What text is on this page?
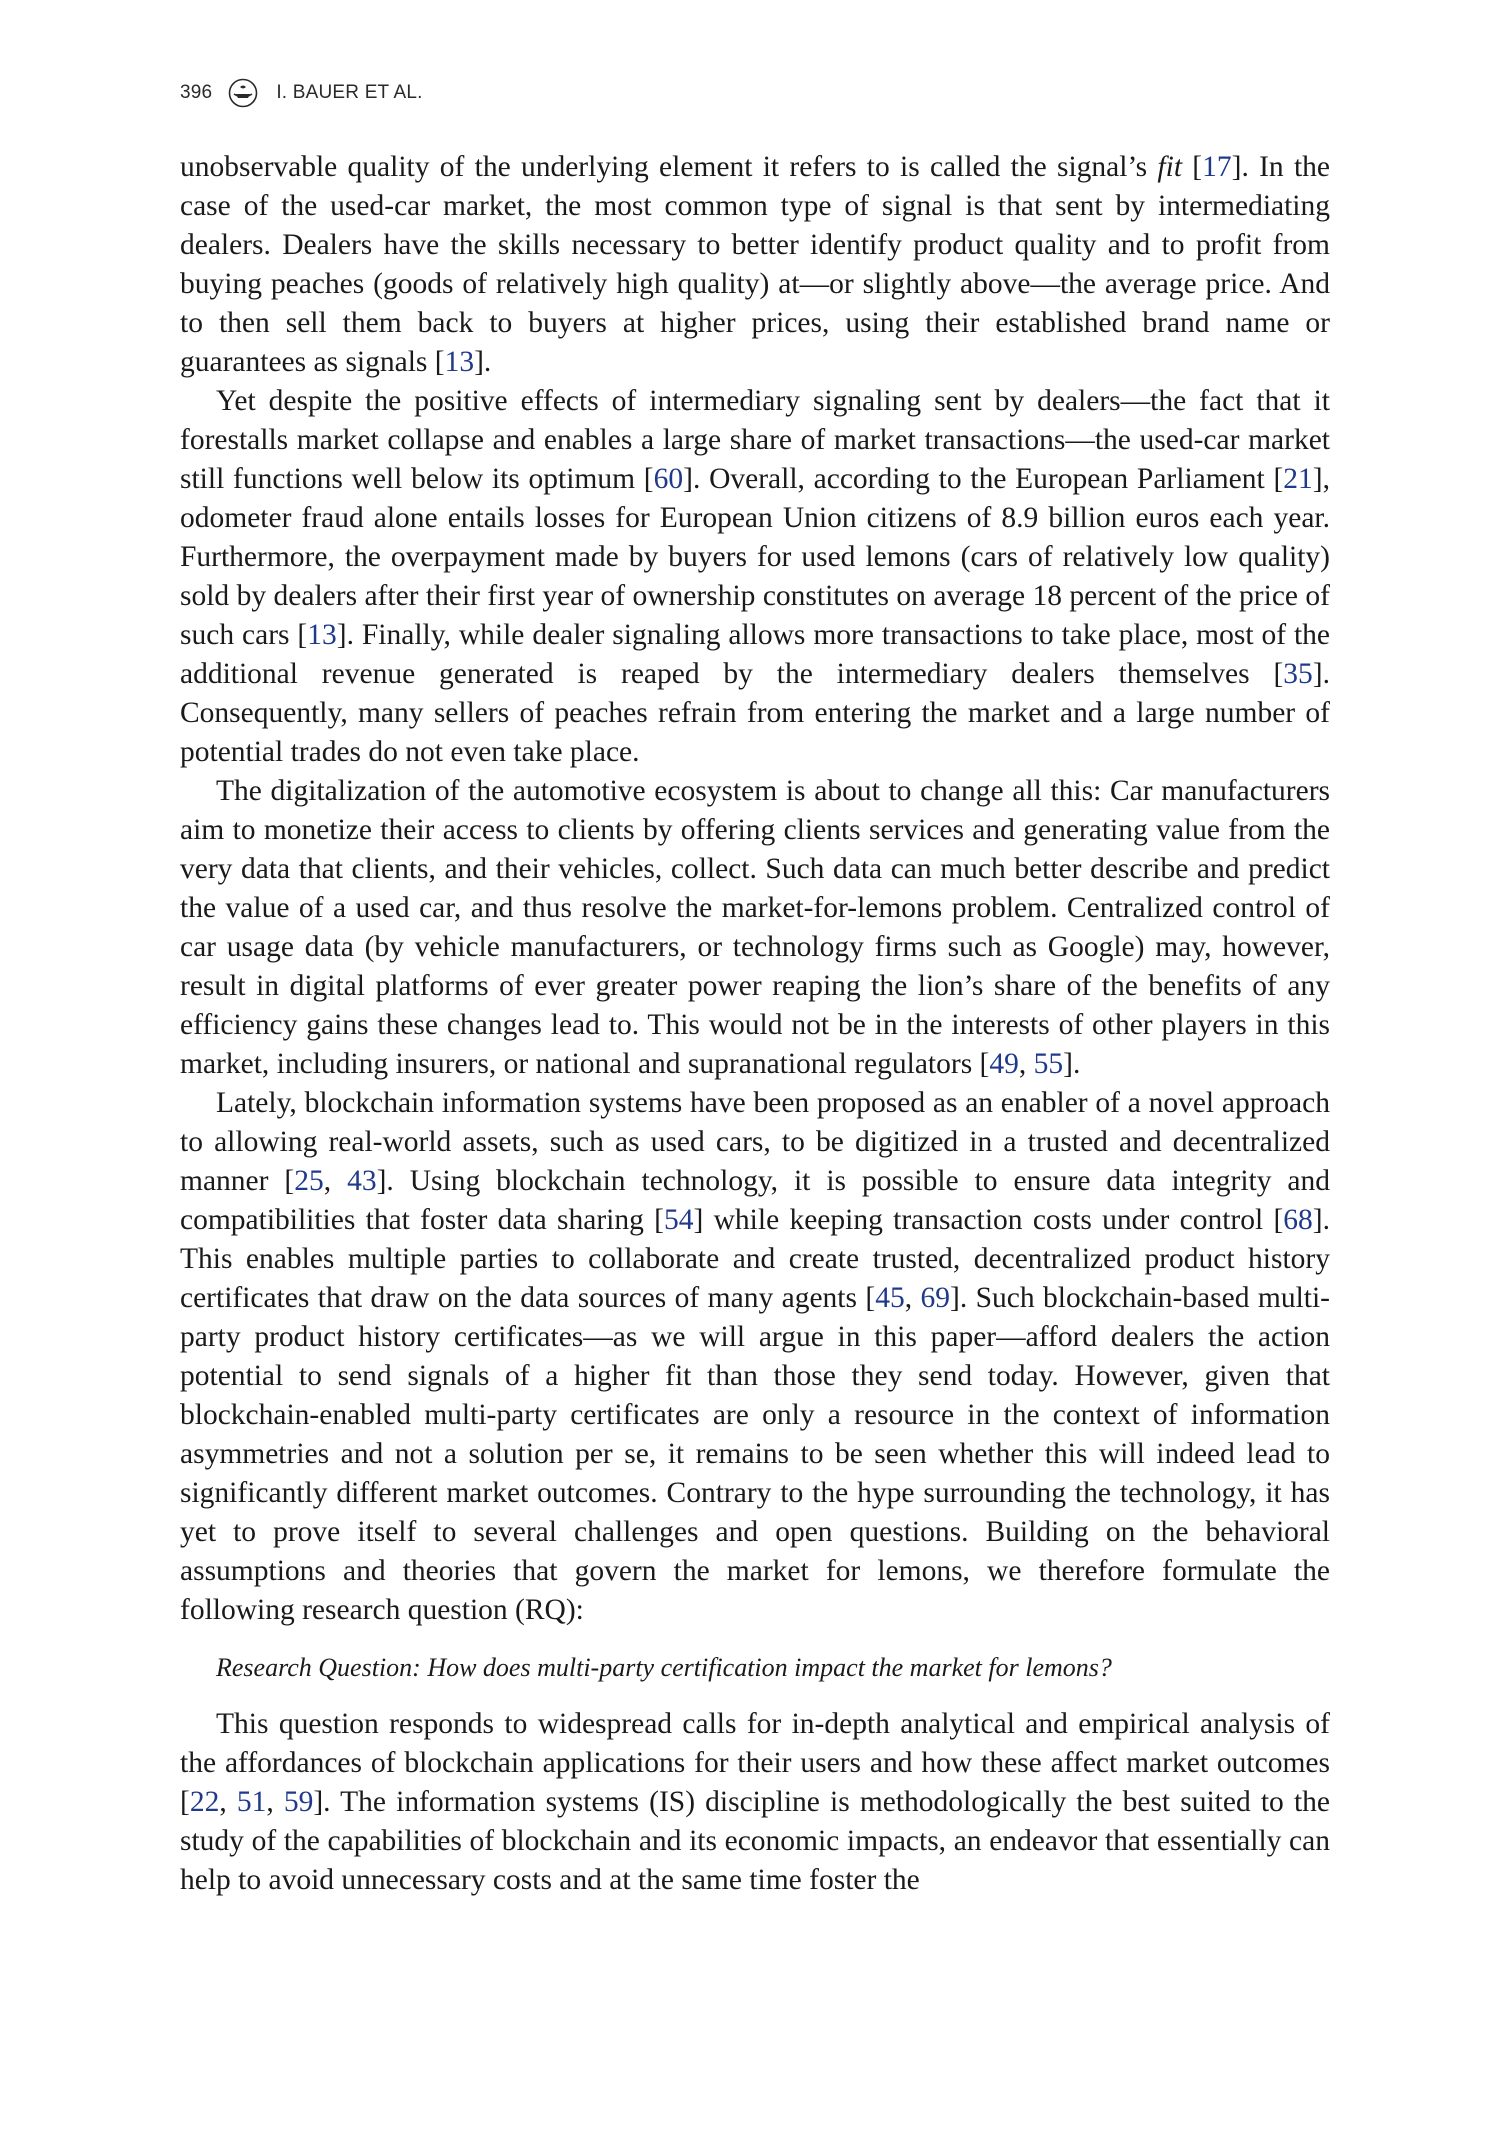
396	I. BAUER ET AL.

unobservable quality of the underlying element it refers to is called the signal’s fit [17]. In the case of the used-car market, the most common type of signal is that sent by intermediating dealers. Dealers have the skills necessary to better identify product quality and to profit from buying peaches (goods of relatively high quality) at—or slightly above—the average price. And to then sell them back to buyers at higher prices, using their established brand name or guarantees as signals [13].

Yet despite the positive effects of intermediary signaling sent by dealers—the fact that it forestalls market collapse and enables a large share of market transactions—the used-car market still functions well below its optimum [60]. Overall, according to the European Parliament [21], odometer fraud alone entails losses for European Union citizens of 8.9 billion euros each year. Furthermore, the overpayment made by buyers for used lemons (cars of relatively low quality) sold by dealers after their first year of ownership constitutes on average 18 percent of the price of such cars [13]. Finally, while dealer signaling allows more transactions to take place, most of the additional revenue generated is reaped by the intermediary dealers themselves [35]. Consequently, many sellers of peaches refrain from entering the market and a large number of potential trades do not even take place.

The digitalization of the automotive ecosystem is about to change all this: Car manufacturers aim to monetize their access to clients by offering clients services and generating value from the very data that clients, and their vehicles, collect. Such data can much better describe and predict the value of a used car, and thus resolve the market-for-lemons problem. Centralized control of car usage data (by vehicle manufacturers, or technology firms such as Google) may, however, result in digital platforms of ever greater power reaping the lion’s share of the benefits of any efficiency gains these changes lead to. This would not be in the interests of other players in this market, including insurers, or national and supranational regulators [49, 55].

Lately, blockchain information systems have been proposed as an enabler of a novel approach to allowing real-world assets, such as used cars, to be digitized in a trusted and decentralized manner [25, 43]. Using blockchain technology, it is possible to ensure data integrity and compatibilities that foster data sharing [54] while keeping transaction costs under control [68]. This enables multiple parties to collaborate and create trusted, decentralized product history certificates that draw on the data sources of many agents [45, 69]. Such blockchain-based multi-party product history certificates—as we will argue in this paper—afford dealers the action potential to send signals of a higher fit than those they send today. However, given that blockchain-enabled multi-party certificates are only a resource in the context of information asymmetries and not a solution per se, it remains to be seen whether this will indeed lead to significantly different market outcomes. Contrary to the hype surrounding the technology, it has yet to prove itself to several challenges and open questions. Building on the behavioral assumptions and theories that govern the market for lemons, we therefore formulate the following research question (RQ):

Research Question: How does multi-party certification impact the market for lemons?

This question responds to widespread calls for in-depth analytical and empirical analysis of the affordances of blockchain applications for their users and how these affect market outcomes [22, 51, 59]. The information systems (IS) discipline is methodologically the best suited to the study of the capabilities of blockchain and its economic impacts, an endeavor that essentially can help to avoid unnecessary costs and at the same time foster the
